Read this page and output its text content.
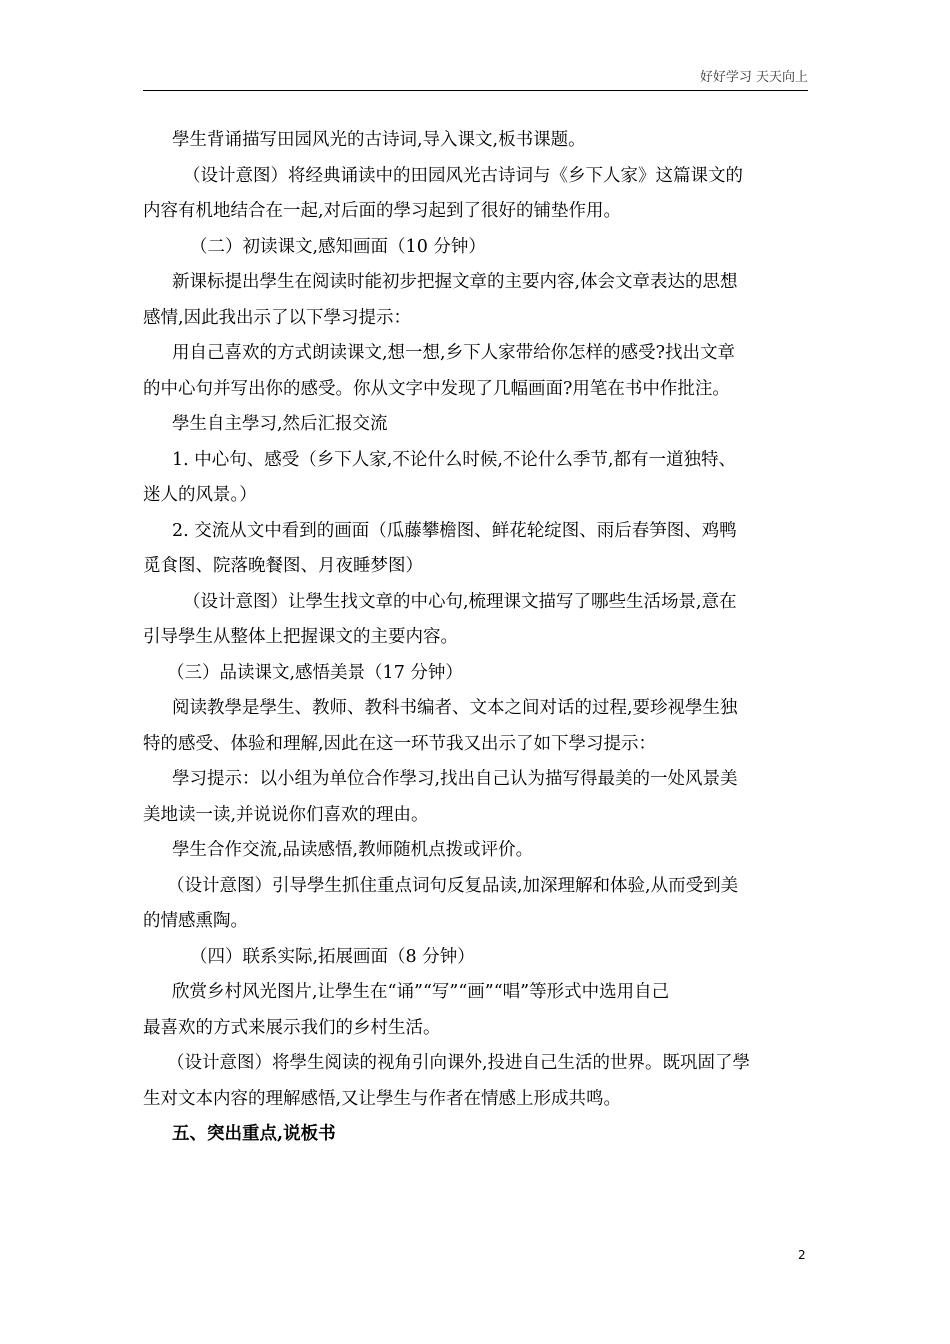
好好学习 天天向上
學生背诵描写田园风光的古诗词,导入课文,板书课题。
（设计意图）将经典诵读中的田园风光古诗词与《乡下人家》这篇课文的
内容有机地结合在一起,对后面的學习起到了很好的铺垫作用。
（二）初读课文,感知画面（10 分钟）
新课标提出學生在阅读时能初步把握文章的主要内容,体会文章表达的思想
感情,因此我出示了以下學习提示：
用自己喜欢的方式朗读课文,想一想,乡下人家带给你怎样的感受?找出文章
的中心句并写出你的感受。你从文字中发现了几幅画面?用笔在书中作批注。
學生自主學习,然后汇报交流
1. 中心句、感受（乡下人家,不论什么时候,不论什么季节,都有一道独特、
迷人的风景。）
2. 交流从文中看到的画面（瓜藤攀檐图、鲜花轮绽图、雨后春笋图、鸡鸭
觅食图、院落晚餐图、月夜睡梦图）
（设计意图）让學生找文章的中心句,梳理课文描写了哪些生活场景,意在
引导學生从整体上把握课文的主要内容。
（三）品读课文,感悟美景（17 分钟）
阅读教學是學生、教师、教科书编者、文本之间对话的过程,要珍视學生独
特的感受、体验和理解,因此在这一环节我又出示了如下學习提示：
學习提示：以小组为单位合作學习,找出自己认为描写得最美的一处风景美
美地读一读,并说说你们喜欢的理由。
學生合作交流,品读感悟,教师随机点拨或评价。
（设计意图）引导學生抓住重点词句反复品读,加深理解和体验,从而受到美
的情感熏陶。
（四）联系实际,拓展画面（8 分钟）
欣赏乡村风光图片,让學生在“诵”“写”“画”“唱”等形式中选用自己
最喜欢的方式来展示我们的乡村生活。
（设计意图）将學生阅读的视角引向课外,投进自己生活的世界。既巩固了學
生对文本内容的理解感悟,又让學生与作者在情感上形成共鸣。
五、突出重点,说板书
2
